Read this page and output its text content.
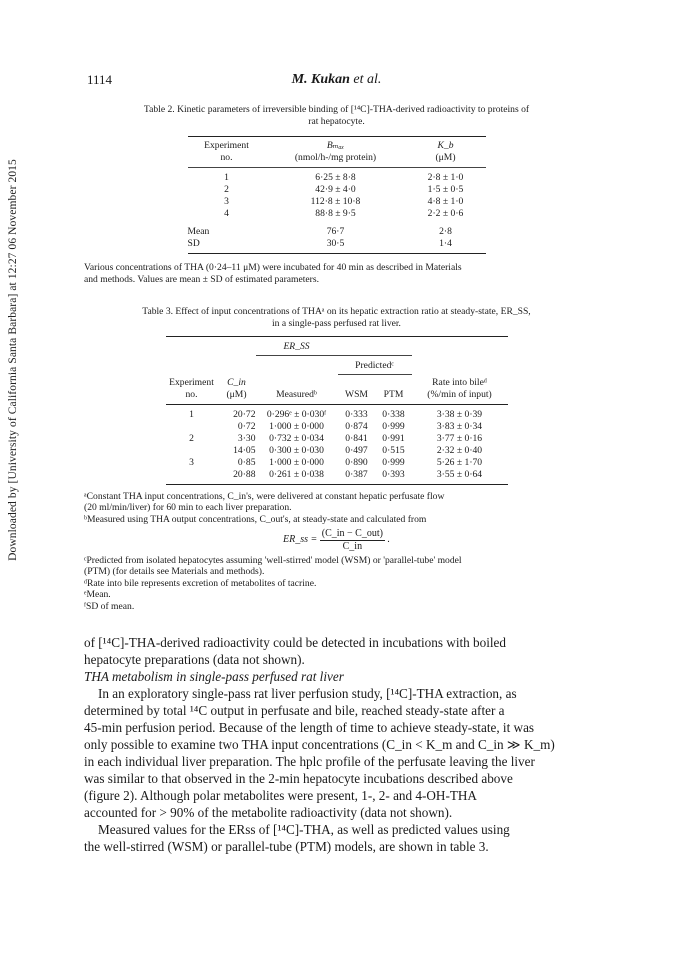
Downloaded by [University of California Santa Barbara] at 12:27 06 November 2015
1114	M. Kukan et al.
Table 2. Kinetic parameters of irreversible binding of [¹⁴C]-THA-derived radioactivity to proteins of
rat hepatocyte.

Experiment	Bₘₐₓ	K_b
no.	(nmol/h-/mg protein)	(μM)

1	6·25 ± 8·8	2·8 ± 1·0
2	42·9 ± 4·0	1·5 ± 0·5
3	112·8 ± 10·8	4·8 ± 1·0
4	88·8 ± 9·5	2·2 ± 0·6

Mean	76·7	2·8
SD	30·5	1·4

Various concentrations of THA (0·24–11 μM) were incubated for 40 min as described in Materials
and methods. Values are mean ± SD of estimated parameters.
Table 3. Effect of input concentrations of THAᵃ on its hepatic extraction ratio at steady-state, ER_SS,
in a single-pass perfused rat liver.

ER_SS					

			Predictedᶜ		

Experiment	C_in				Rate into bileᵈ
no.	(μM)	Measuredᵇ	WSM	PTM	(%/min of input)

1	20·72	0·296ᵉ ± 0·030ᶠ	0·333	0·338	3·38 ± 0·39
	0·72	1·000 ± 0·000	0·874	0·999	3·83 ± 0·34
2	3·30	0·732 ± 0·034	0·841	0·991	3·77 ± 0·16
	14·05	0·300 ± 0·030	0·497	0·515	2·32 ± 0·40
3	0·85	1·000 ± 0·000	0·890	0·999	5·26 ± 1·70
	20·88	0·261 ± 0·038	0·387	0·393	3·55 ± 0·64

ᵃConstant THA input concentrations, C_in's, were delivered at constant hepatic perfusate flow

(20 ml/min/liver) for 60 min to each liver preparation.

ᵇMeasured using THA output concentrations, C_out's, at steady-state and calculated from

ER_ss = $\frac{\text{(C\_in − C\_out)}}{C\_in}$ .

ᶜPredicted from isolated hepatocytes assuming 'well-stirred' model (WSM) or 'parallel-tube' model

(PTM) (for details see Materials and methods).

ᵈRate into bile represents excretion of metabolites of tacrine.

ᵉMean.

ᶠSD of mean.

of [¹⁴C]-THA-derived radioactivity could be detected in incubations with boiled

hepatocyte preparations (data not shown).

THA metabolism in single-pass perfused rat liver

In an exploratory single-pass rat liver perfusion study, [¹⁴C]-THA extraction, as

determined by total ¹⁴C output in perfusate and bile, reached steady-state after a

45-min perfusion period. Because of the length of time to achieve steady-state, it was

only possible to examine two THA input concentrations (C_in < K_m and C_in ≫ K_m)

in each individual liver preparation. The hplc profile of the perfusate leaving the liver

was similar to that observed in the 2-min hepatocyte incubations described above

(figure 2). Although polar metabolites were present, 1-, 2- and 4-OH-THA

accounted for > 90% of the metabolite radioactivity (data not shown).

Measured values for the ERss of [¹⁴C]-THA, as well as predicted values using

the well-stirred (WSM) or parallel-tube (PTM) models, are shown in table 3.
